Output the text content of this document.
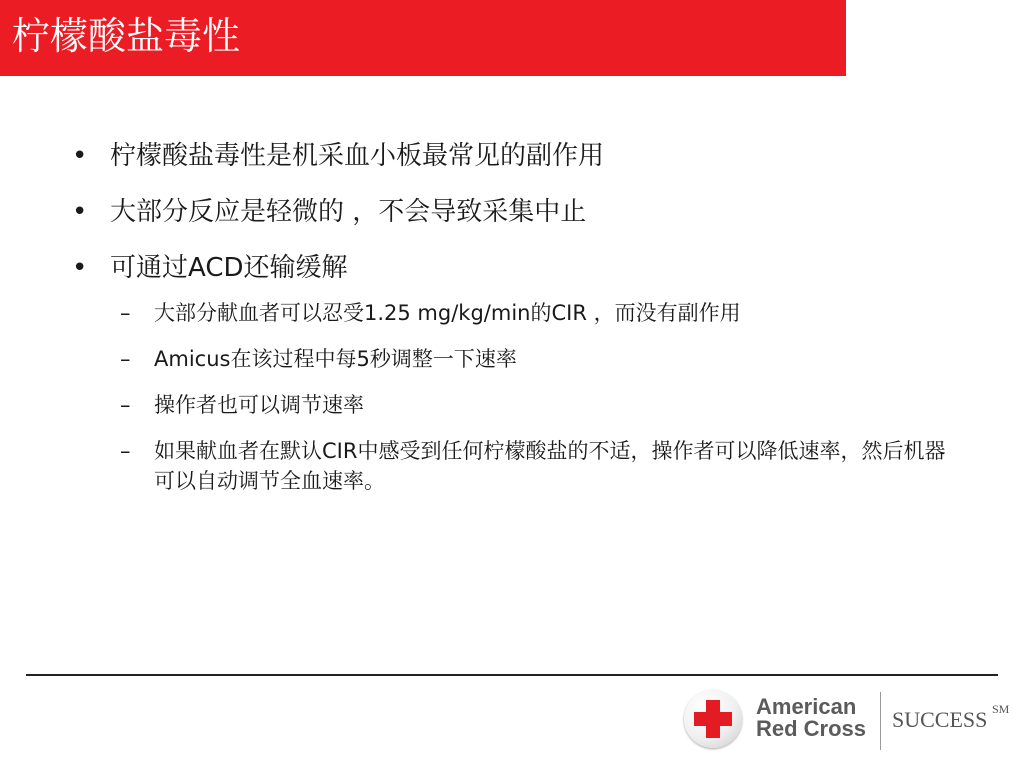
柠檬酸盐毒性
• 柠檬酸盐毒性是机采血小板最常见的副作用
• 大部分反应是轻微的 ，不会导致采集中止
• 可通过ACD还输缓解
– 大部分献血者可以忍受1.25 mg/kg/min的CIR ，而没有副作用
– Amicus在该过程中每5秒调整一下速率
– 操作者也可以调节速率
– 如果献血者在默认CIR中感受到任何柠檬酸盐的不适，操作者可以降低速率，然后机器可以自动调节全血速率。
American
Red Cross SUCCESS SM
